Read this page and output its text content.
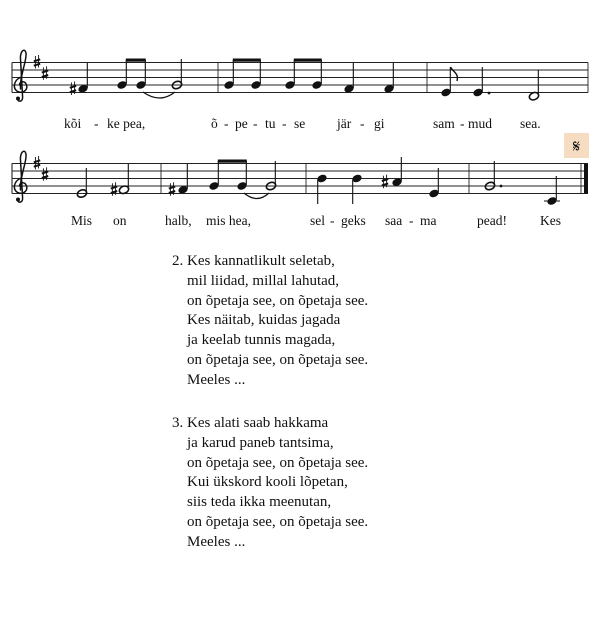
kõi - ke pea,	õ - pe - tu - se jär - gi	sam - mud sea.
𝄋
Mis on	halb, mis hea,	sel - geks saa - ma	pead! Kes
2. Kes kannatlikult seletab,
mil liidad, millal lahutad,
on õpetaja see, on õpetaja see.
Kes näitab, kuidas jagada
ja keelab tunnis magada,
on õpetaja see, on õpetaja see.
Meeles ...
3. Kes alati saab hakkama
ja karud paneb tantsima,
on õpetaja see, on õpetaja see.
Kui ükskord kooli lõpetan,
siis teda ikka meenutan,
on õpetaja see, on õpetaja see.
Meeles ...
